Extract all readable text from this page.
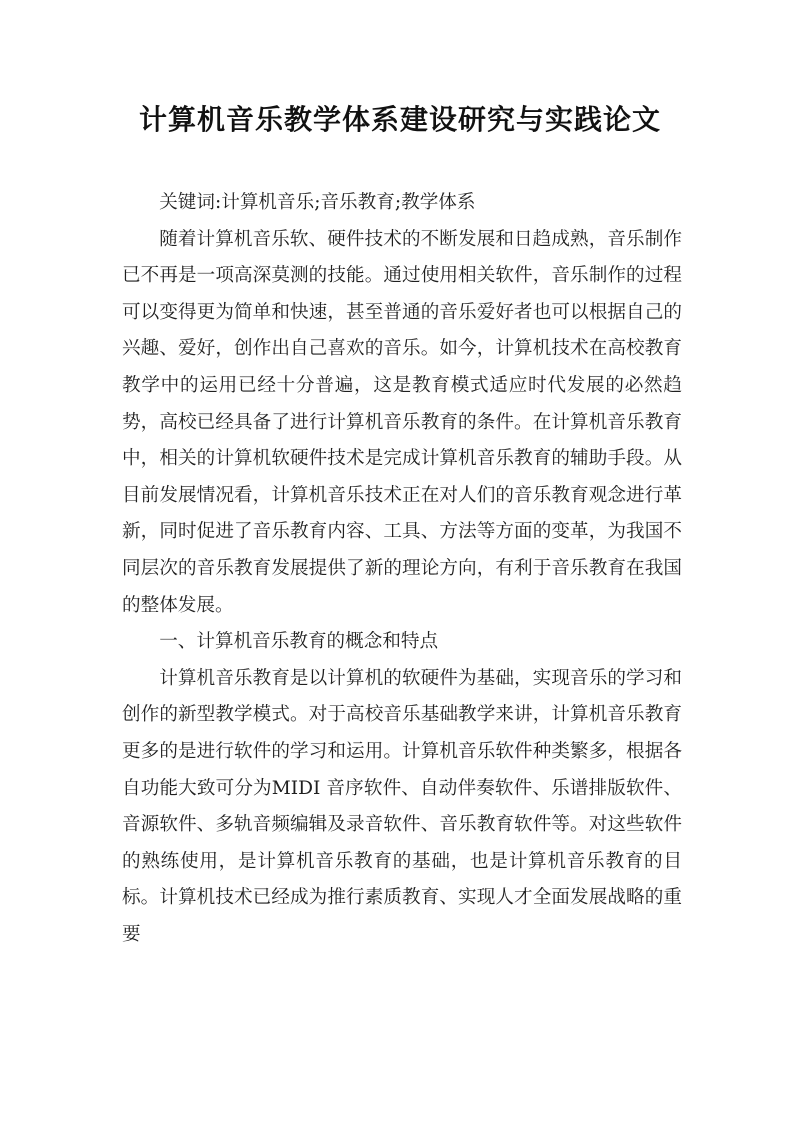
计算机音乐教学体系建设研究与实践论文

关键词:计算机音乐;音乐教育;教学体系

随着计算机音乐软、硬件技术的不断发展和日趋成熟，音乐制作已不再是一项高深莫测的技能。通过使用相关软件，音乐制作的过程可以变得更为简单和快速，甚至普通的音乐爱好者也可以根据自己的兴趣、爱好，创作出自己喜欢的音乐。如今，计算机技术在高校教育教学中的运用已经十分普遍，这是教育模式适应时代发展的必然趋势，高校已经具备了进行计算机音乐教育的条件。在计算机音乐教育中，相关的计算机软硬件技术是完成计算机音乐教育的辅助手段。从目前发展情况看，计算机音乐技术正在对人们的音乐教育观念进行革新，同时促进了音乐教育内容、工具、方法等方面的变革，为我国不同层次的音乐教育发展提供了新的理论方向，有利于音乐教育在我国的整体发展。

一、计算机音乐教育的概念和特点

计算机音乐教育是以计算机的软硬件为基础，实现音乐的学习和创作的新型教学模式。对于高校音乐基础教学来讲，计算机音乐教育更多的是进行软件的学习和运用。计算机音乐软件种类繁多，根据各自功能大致可分为MIDI 音序软件、自动伴奏软件、乐谱排版软件、音源软件、多轨音频编辑及录音软件、音乐教育软件等。对这些软件的熟练使用，是计算机音乐教育的基础，也是计算机音乐教育的目标。计算机技术已经成为推行素质教育、实现人才全面发展战略的重要
